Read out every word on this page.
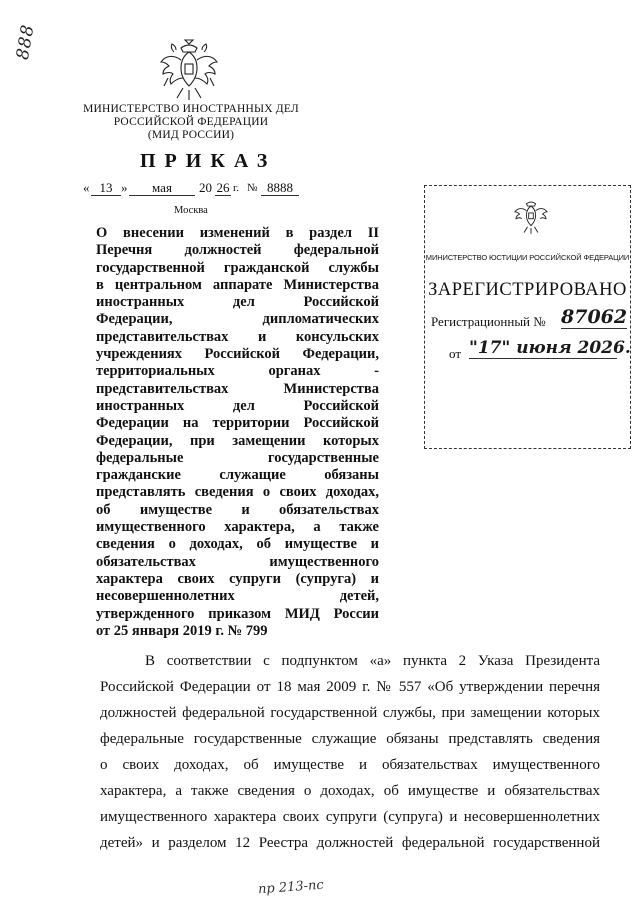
888
МИНИСТЕРСТВО ИНОСТРАННЫХ ДЕЛ
РОССИЙСКОЙ ФЕДЕРАЦИИ
(МИД РОССИИ)
ПРИКАЗ
« 13 »	мая	20 26 г. № 8888
Москва
О внесении изменений в раздел II
Перечня должностей федеральной
государственной гражданской службы
в центральном аппарате Министерства
иностранных дел Российской
Федерации, дипломатических
представительствах и консульских
учреждениях Российской Федерации,
территориальных органах -
представительствах Министерства
иностранных дел Российской
Федерации на территории Российской
Федерации, при замещении которых
федеральные государственные
гражданские служащие обязаны
представлять сведения о своих доходах,
об имуществе и обязательствах
имущественного характера, а также
сведения о доходах, об имуществе и
обязательствах имущественного
характера своих супруги (супруга) и
несовершеннолетних детей,
утвержденного приказом МИД России
от 25 января 2019 г. № 799
МИНИСТЕРСТВО ЮСТИЦИИ РОССИЙСКОЙ ФЕДЕРАЦИИ
ЗАРЕГИСТРИРОВАНО
Регистрационный № 87062
от "17" июня 2026.
В соответствии с подпунктом «а» пункта 2 Указа Президента
Российской Федерации от 18 мая 2009 г. № 557 «Об утверждении перечня
должностей федеральной государственной службы, при замещении которых
федеральные государственные служащие обязаны представлять сведения
о своих доходах, об имуществе и обязательствах имущественного
характера, а также сведения о доходах, об имуществе и обязательствах
имущественного характера своих супруги (супруга) и несовершеннолетних
детей» и разделом 12 Реестра должностей федеральной государственной
пр 213-пс
